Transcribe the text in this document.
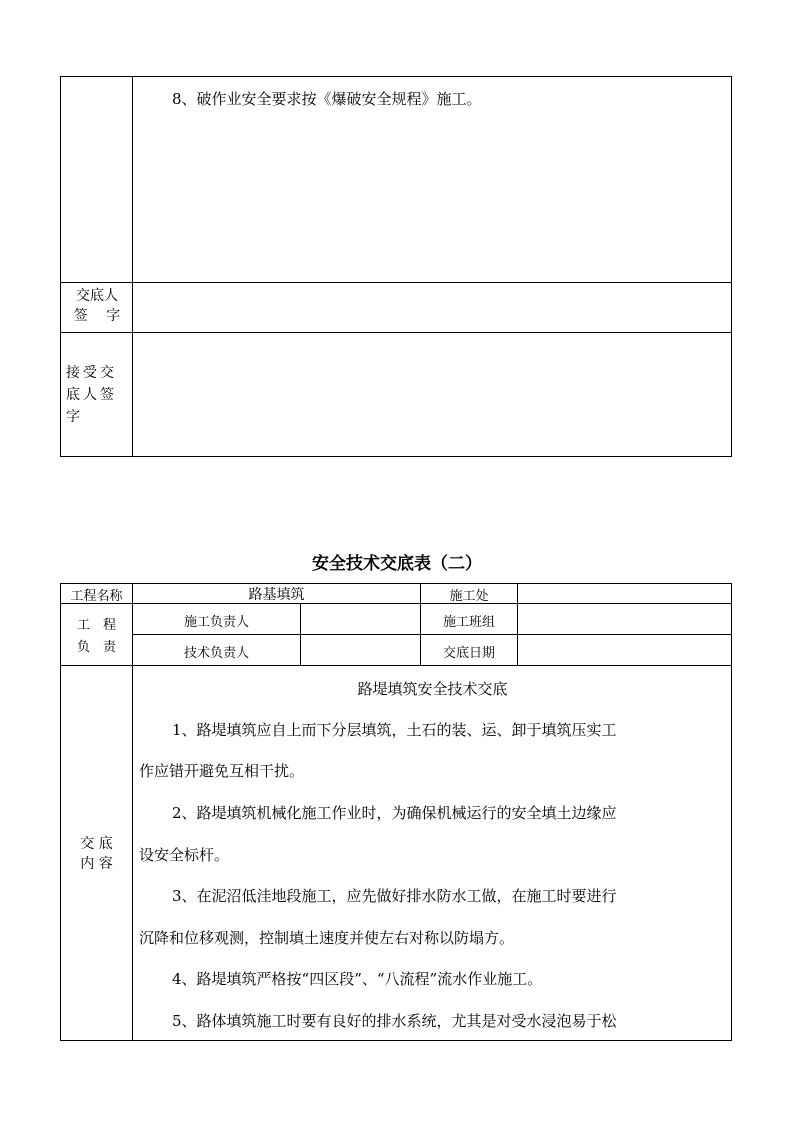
8、破作业安全要求按《爆破安全规程》施工。
交底人
签 字
接受交
底人签
字
安全技术交底表（二）
工程名称	路基填筑	施工处
工　程
负　责
施工负责人	施工班组
技术负责人	交底日期
交 底
内 容
路堤填筑安全技术交底
1、路堤填筑应自上而下分层填筑，土石的装、运、卸于填筑压实工
作应错开避免互相干扰。
2、路堤填筑机械化施工作业时，为确保机械运行的安全填土边缘应
设安全标杆。
3、在泥沼低洼地段施工，应先做好排水防水工做，在施工时要进行
沉降和位移观测，控制填土速度并使左右对称以防塌方。
4、路堤填筑严格按“四区段”、“八流程”流水作业施工。
5、路体填筑施工时要有良好的排水系统，尤其是对受水浸泡易于松
